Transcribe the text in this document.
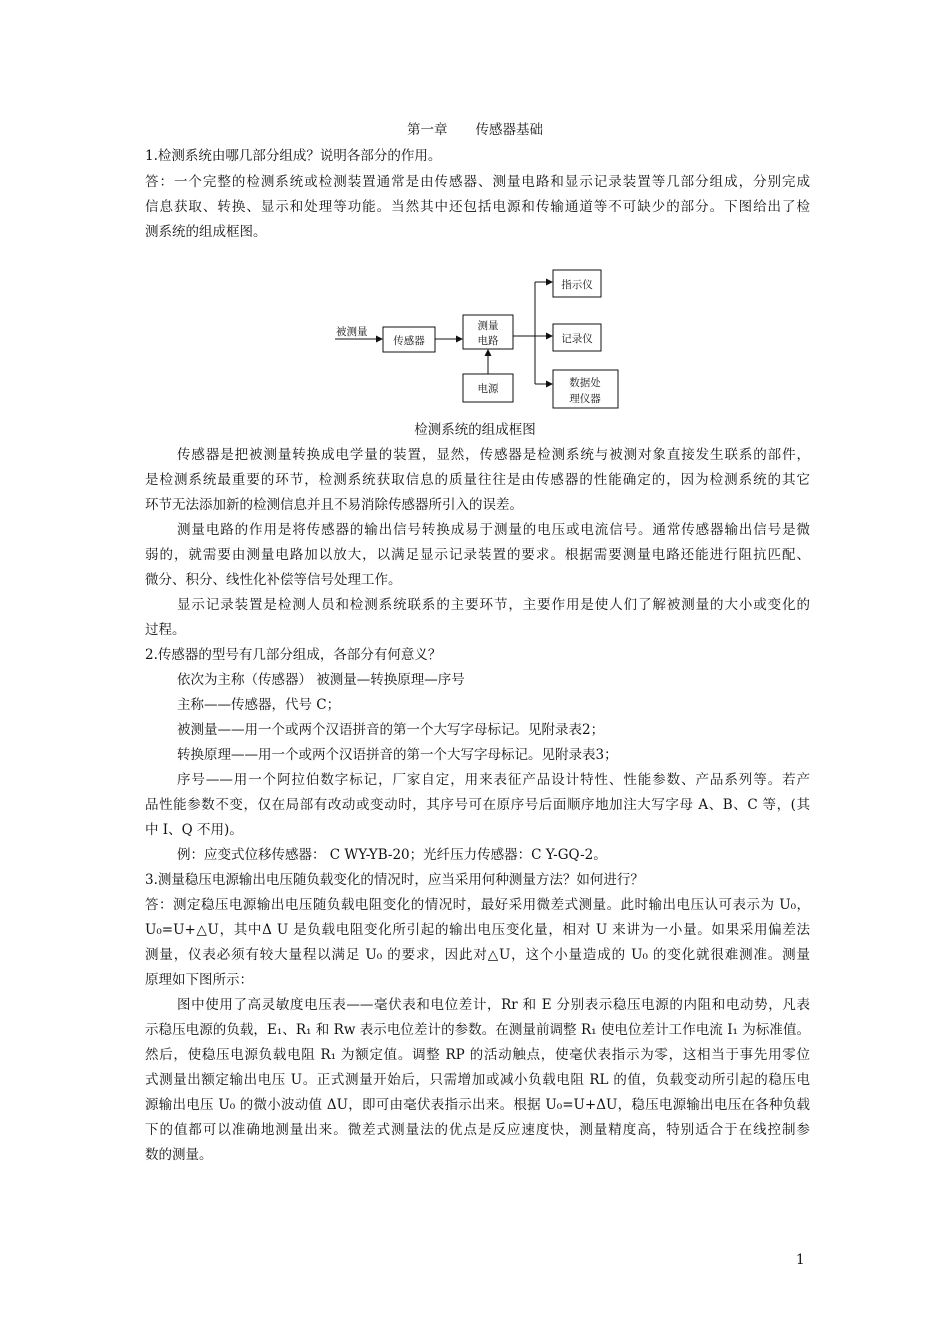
第一章 传感器基础
1.检测系统由哪几部分组成？说明各部分的作用。
答：一个完整的检测系统或检测装置通常是由传感器、测量电路和显示记录装置等几部分组成，分别完成
信息获取、转换、显示和处理等功能。当然其中还包括电源和传输通道等不可缺少的部分。下图给出了检
测系统的组成框图。
被测量
传感器
测量
电路
电源
指示仪
记录仪
数据处
理仪器
检测系统的组成框图
传感器是把被测量转换成电学量的装置，显然，传感器是检测系统与被测对象直接发生联系的部件，
是检测系统最重要的环节，检测系统获取信息的质量往往是由传感器的性能确定的，因为检测系统的其它
环节无法添加新的检测信息并且不易消除传感器所引入的误差。
测量电路的作用是将传感器的输出信号转换成易于测量的电压或电流信号。通常传感器输出信号是微
弱的，就需要由测量电路加以放大，以满足显示记录装置的要求。根据需要测量电路还能进行阻抗匹配、
微分、积分、线性化补偿等信号处理工作。
显示记录装置是检测人员和检测系统联系的主要环节，主要作用是使人们了解被测量的大小或变化的
过程。
2.传感器的型号有几部分组成，各部分有何意义？
依次为主称（传感器） 被测量—转换原理—序号
主称——传感器，代号 C；
被测量——用一个或两个汉语拼音的第一个大写字母标记。见附录表2；
转换原理——用一个或两个汉语拼音的第一个大写字母标记。见附录表3；
序号——用一个阿拉伯数字标记，厂家自定，用来表征产品设计特性、性能参数、产品系列等。若产
品性能参数不变，仅在局部有改动或变动时，其序号可在原序号后面顺序地加注大写字母 A、B、C 等，(其
中 I、Q 不用)。
例：应变式位移传感器： C WY-YB-20；光纤压力传感器：C Y-GQ-2。
3.测量稳压电源输出电压随负载变化的情况时，应当采用何种测量方法？如何进行？
答：测定稳压电源输出电压随负载电阻变化的情况时，最好采用微差式测量。此时输出电压认可表示为 U₀，
U₀=U+△U，其中Δ U 是负载电阻变化所引起的输出电压变化量，相对 U 来讲为一小量。如果采用偏差法
测量，仪表必须有较大量程以满足 U₀ 的要求，因此对△U，这个小量造成的 U₀ 的变化就很难测准。测量
原理如下图所示：
图中使用了高灵敏度电压表——毫伏表和电位差计，Rr 和 E 分别表示稳压电源的内阻和电动势，凡表
示稳压电源的负载，E₁、R₁ 和 Rw 表示电位差计的参数。在测量前调整 R₁ 使电位差计工作电流 I₁ 为标准值。
然后，使稳压电源负载电阻 R₁ 为额定值。调整 RP 的活动触点，使毫伏表指示为零，这相当于事先用零位
式测量出额定输出电压 U。正式测量开始后，只需增加或减小负载电阻 RL 的值，负载变动所引起的稳压电
源输出电压 U₀ 的微小波动值 ΔU，即可由毫伏表指示出来。根据 U₀=U+ΔU，稳压电源输出电压在各种负载
下的值都可以准确地测量出来。微差式测量法的优点是反应速度快，测量精度高，特别适合于在线控制参
数的测量。
1
